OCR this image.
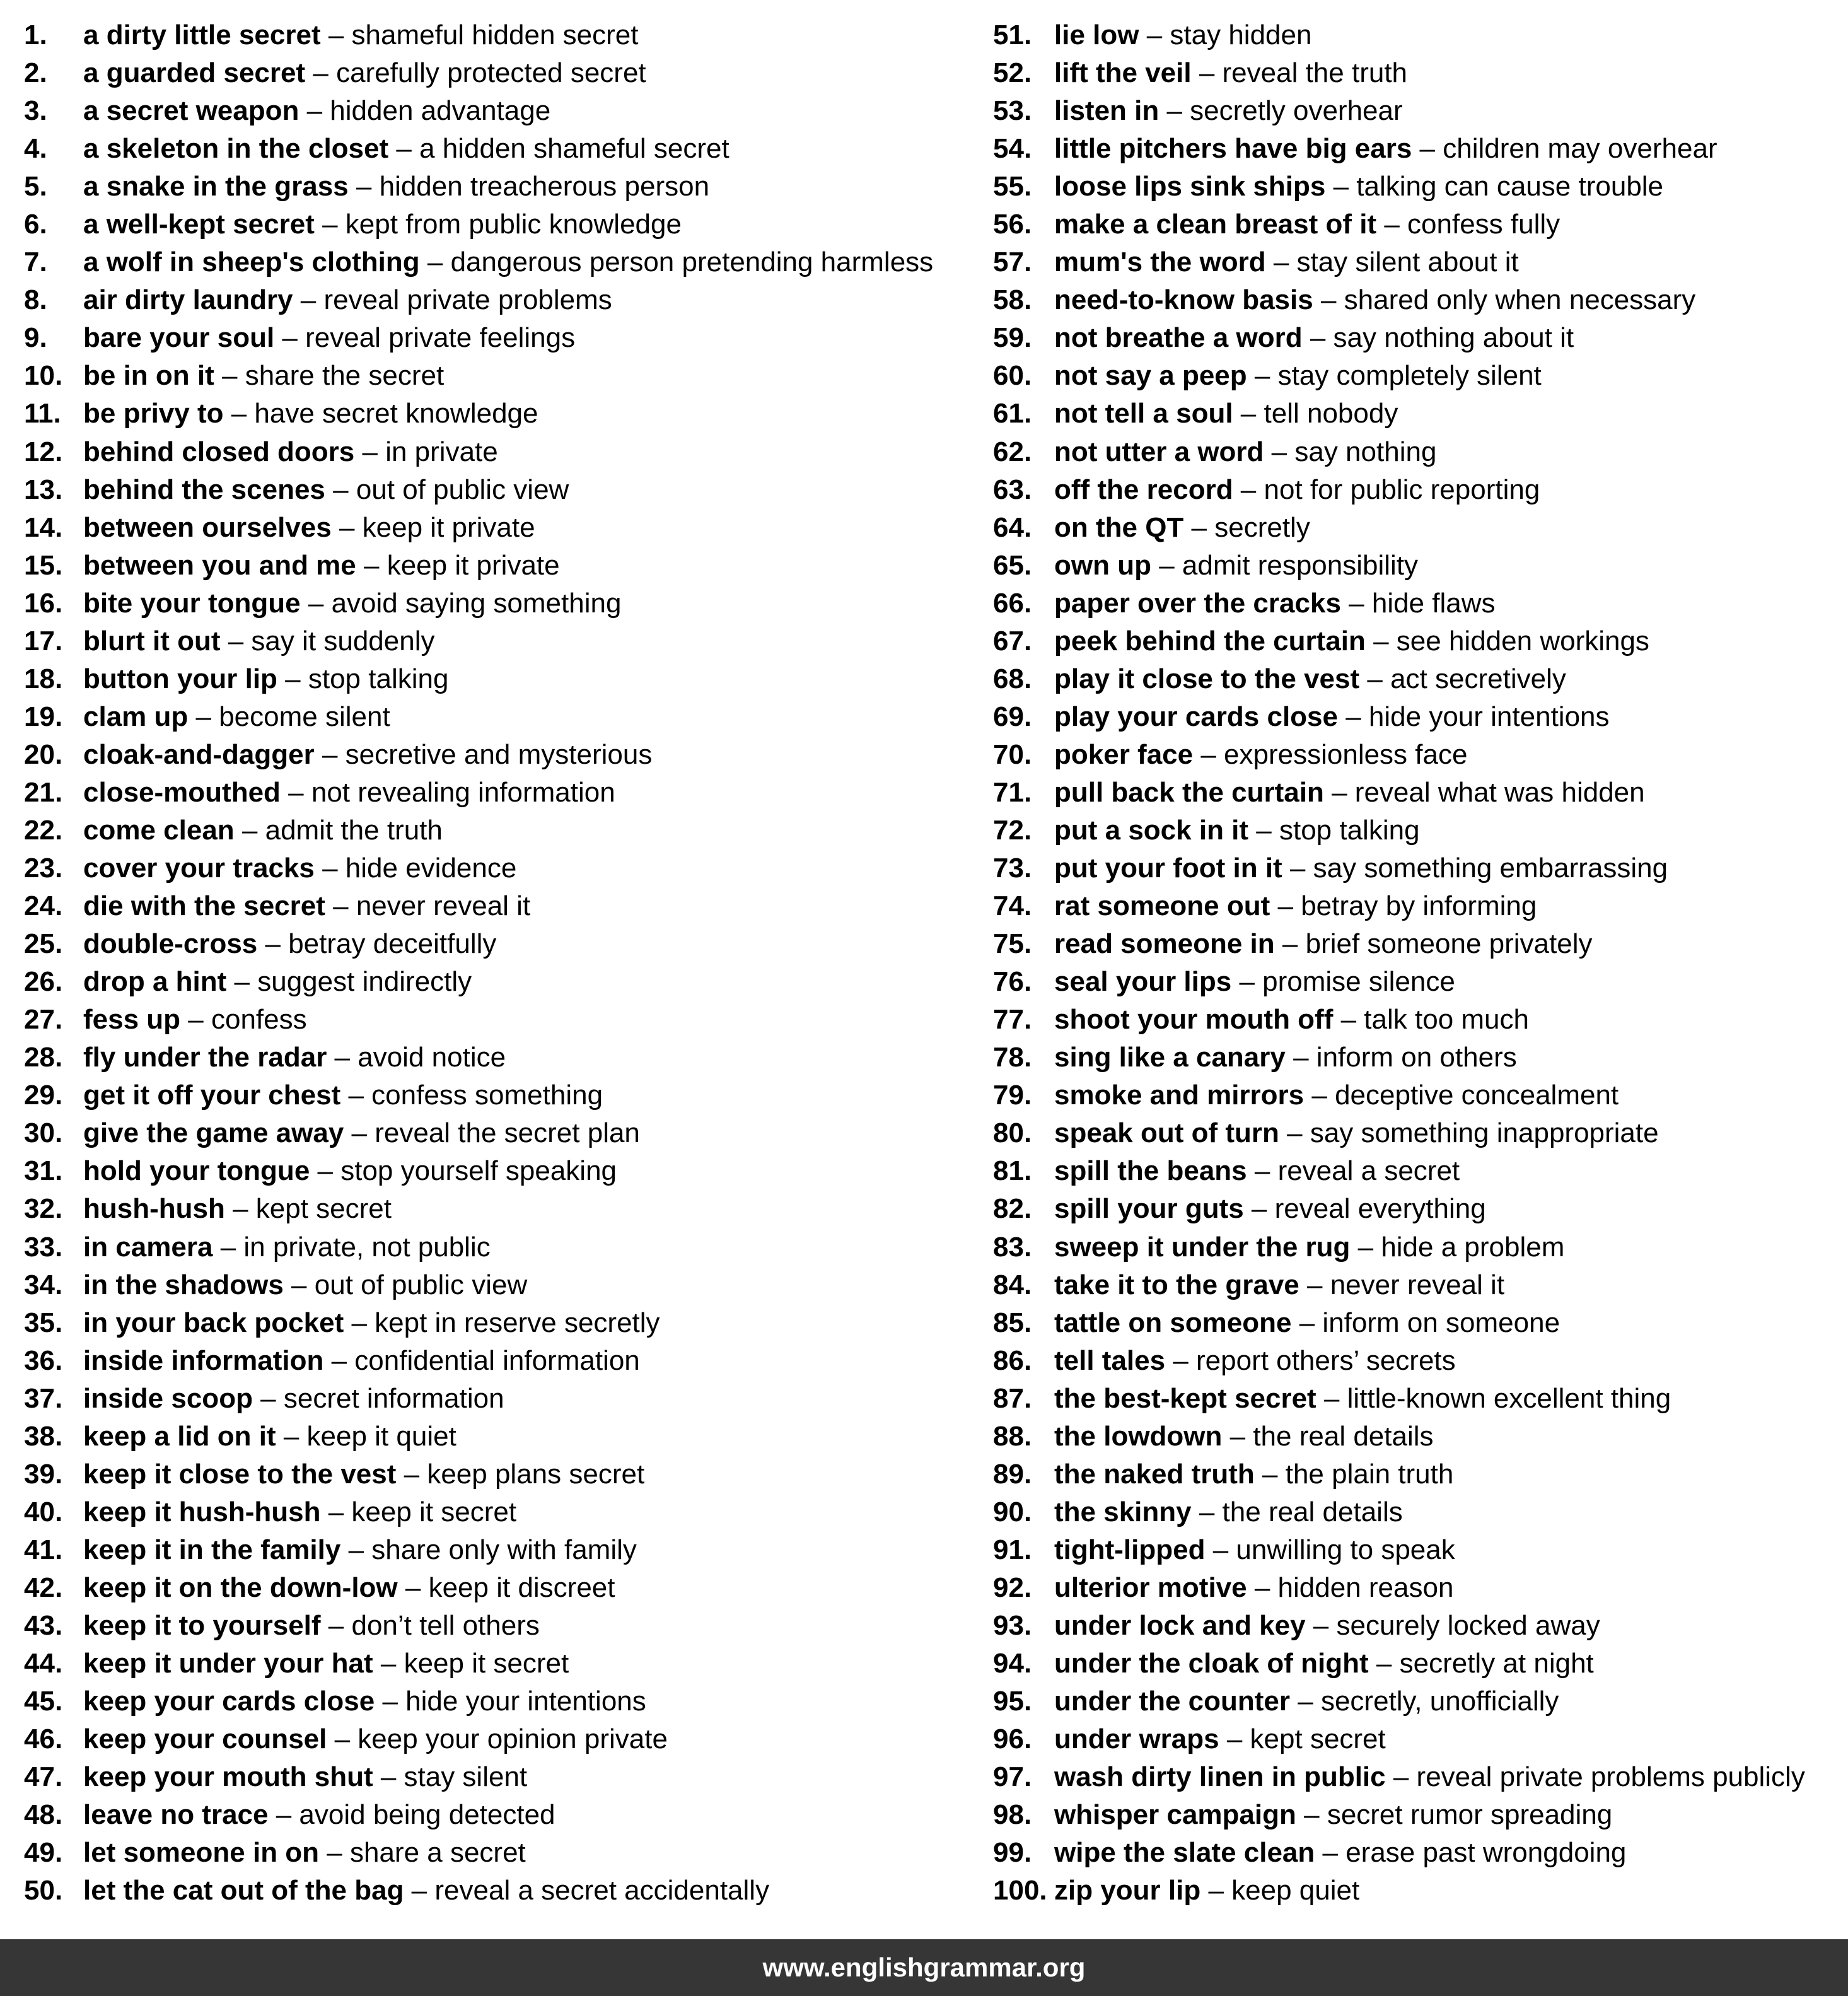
1.	a dirty little secret – shameful hidden secret
2.	a guarded secret – carefully protected secret
3.	a secret weapon – hidden advantage
4.	a skeleton in the closet – a hidden shameful secret
5.	a snake in the grass – hidden treacherous person
6.	a well-kept secret – kept from public knowledge
7.	a wolf in sheep's clothing – dangerous person pretending harmless
8.	air dirty laundry – reveal private problems
9.	bare your soul – reveal private feelings
10. be in on it – share the secret
11. be privy to – have secret knowledge
12. behind closed doors – in private
13. behind the scenes – out of public view
14. between ourselves – keep it private
15. between you and me – keep it private
16. bite your tongue – avoid saying something
17. blurt it out – say it suddenly
18. button your lip – stop talking
19. clam up – become silent
20. cloak-and-dagger – secretive and mysterious
21. close-mouthed – not revealing information
22. come clean – admit the truth
23. cover your tracks – hide evidence
24. die with the secret – never reveal it
25. double-cross – betray deceitfully
26. drop a hint – suggest indirectly
27. fess up – confess
28. fly under the radar – avoid notice
29. get it off your chest – confess something
30. give the game away – reveal the secret plan
31. hold your tongue – stop yourself speaking
32. hush-hush – kept secret
33. in camera – in private, not public
34. in the shadows – out of public view
35. in your back pocket – kept in reserve secretly
36. inside information – confidential information
37. inside scoop – secret information
38. keep a lid on it – keep it quiet
39. keep it close to the vest – keep plans secret
40. keep it hush-hush – keep it secret
41. keep it in the family – share only with family
42. keep it on the down-low – keep it discreet
43. keep it to yourself – don’t tell others
44. keep it under your hat – keep it secret
45. keep your cards close – hide your intentions
46. keep your counsel – keep your opinion private
47. keep your mouth shut – stay silent
48. leave no trace – avoid being detected
49. let someone in on – share a secret
50. let the cat out of the bag – reveal a secret accidentally
51. lie low – stay hidden
52. lift the veil – reveal the truth
53. listen in – secretly overhear
54. little pitchers have big ears – children may overhear
55. loose lips sink ships – talking can cause trouble
56. make a clean breast of it – confess fully
57. mum's the word – stay silent about it
58. need-to-know basis – shared only when necessary
59. not breathe a word – say nothing about it
60. not say a peep – stay completely silent
61. not tell a soul – tell nobody
62. not utter a word – say nothing
63. off the record – not for public reporting
64. on the QT – secretly
65. own up – admit responsibility
66. paper over the cracks – hide flaws
67. peek behind the curtain – see hidden workings
68. play it close to the vest – act secretively
69. play your cards close – hide your intentions
70. poker face – expressionless face
71. pull back the curtain – reveal what was hidden
72. put a sock in it – stop talking
73. put your foot in it – say something embarrassing
74. rat someone out – betray by informing
75. read someone in – brief someone privately
76. seal your lips – promise silence
77. shoot your mouth off – talk too much
78. sing like a canary – inform on others
79. smoke and mirrors – deceptive concealment
80. speak out of turn – say something inappropriate
81. spill the beans – reveal a secret
82. spill your guts – reveal everything
83. sweep it under the rug – hide a problem
84. take it to the grave – never reveal it
85. tattle on someone – inform on someone
86. tell tales – report others’ secrets
87. the best-kept secret – little-known excellent thing
88. the lowdown – the real details
89. the naked truth – the plain truth
90. the skinny – the real details
91. tight-lipped – unwilling to speak
92. ulterior motive – hidden reason
93. under lock and key – securely locked away
94. under the cloak of night – secretly at night
95. under the counter – secretly, unofficially
96. under wraps – kept secret
97. wash dirty linen in public – reveal private problems publicly
98. whisper campaign – secret rumor spreading
99. wipe the slate clean – erase past wrongdoing
100. zip your lip – keep quiet
www.englishgrammar.org
